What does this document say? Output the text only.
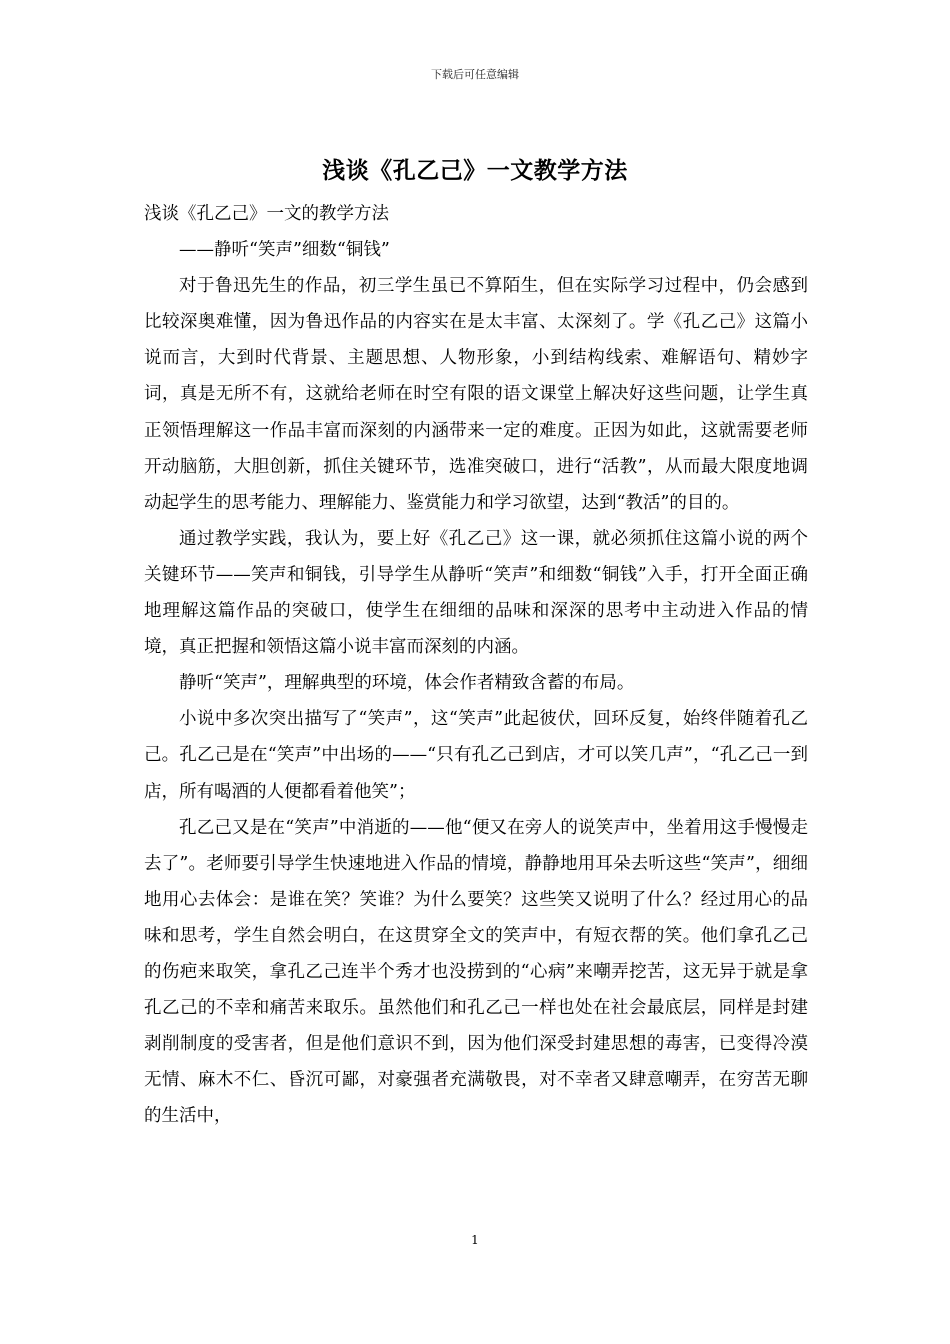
下载后可任意编辑
浅谈《孔乙己》一文教学方法

浅谈《孔乙己》一文的教学方法

——静听“笑声”细数“铜钱”

对于鲁迅先生的作品，初三学生虽已不算陌生，但在实际学习过程中，仍会感到比较深奥难懂，因为鲁迅作品的内容实在是太丰富、太深刻了。学《孔乙己》这篇小说而言，大到时代背景、主题思想、人物形象，小到结构线索、难解语句、精妙字词，真是无所不有，这就给老师在时空有限的语文课堂上解决好这些问题，让学生真正领悟理解这一作品丰富而深刻的内涵带来一定的难度。正因为如此，这就需要老师开动脑筋，大胆创新，抓住关键环节，选准突破口，进行“活教”，从而最大限度地调动起学生的思考能力、理解能力、鉴赏能力和学习欲望，达到“教活”的目的。

通过教学实践，我认为，要上好《孔乙己》这一课，就必须抓住这篇小说的两个关键环节——笑声和铜钱，引导学生从静听“笑声”和细数“铜钱”入手，打开全面正确地理解这篇作品的突破口，使学生在细细的品味和深深的思考中主动进入作品的情境，真正把握和领悟这篇小说丰富而深刻的内涵。

静听“笑声”，理解典型的环境，体会作者精致含蓄的布局。

小说中多次突出描写了“笑声”，这“笑声”此起彼伏，回环反复，始终伴随着孔乙己。孔乙己是在“笑声”中出场的——“只有孔乙己到店，才可以笑几声”，“孔乙己一到店，所有喝酒的人便都看着他笑”；

孔乙己又是在“笑声”中消逝的——他“便又在旁人的说笑声中，坐着用这手慢慢走去了”。老师要引导学生快速地进入作品的情境，静静地用耳朵去听这些“笑声”，细细地用心去体会：是谁在笑？笑谁？为什么要笑？这些笑又说明了什么？经过用心的品味和思考，学生自然会明白，在这贯穿全文的笑声中，有短衣帮的笑。他们拿孔乙己的伤疤来取笑，拿孔乙己连半个秀才也没捞到的“心病”来嘲弄挖苦，这无异于就是拿孔乙己的不幸和痛苦来取乐。虽然他们和孔乙己一样也处在社会最底层，同样是封建剥削制度的受害者，但是他们意识不到，因为他们深受封建思想的毒害，已变得冷漠无情、麻木不仁、昏沉可鄙，对豪强者充满敬畏，对不幸者又肆意嘲弄，在穷苦无聊的生活中，

1
